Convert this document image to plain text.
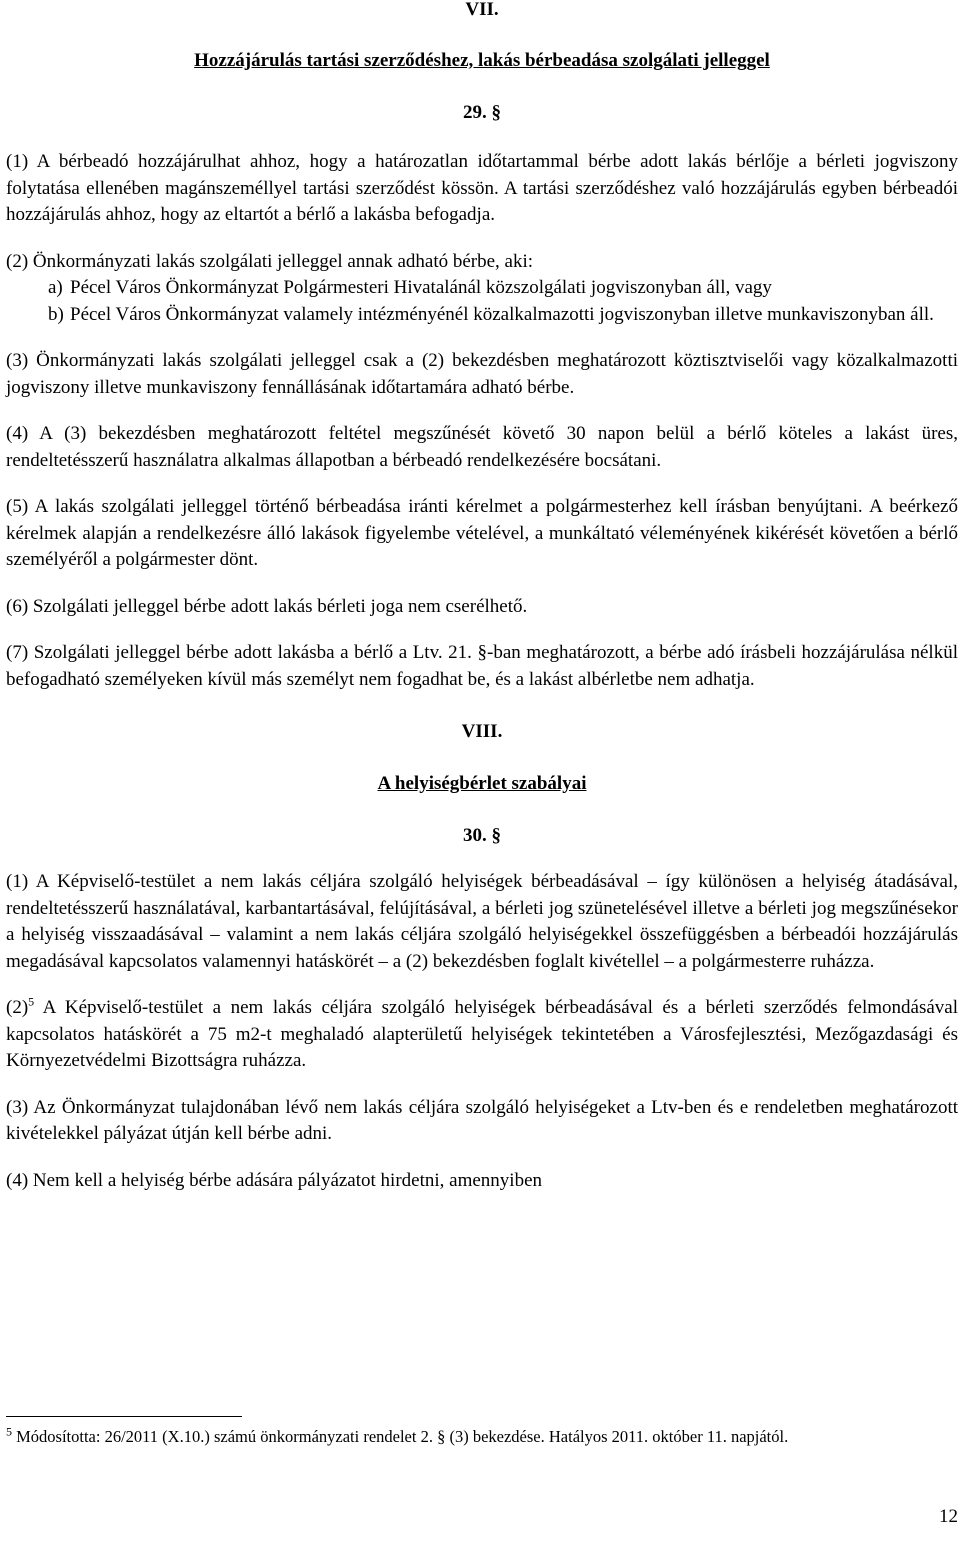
VII.
Hozzájárulás tartási szerződéshez, lakás bérbeadása szolgálati jelleggel
29. §

(1) A bérbeadó hozzájárulhat ahhoz, hogy a határozatlan időtartammal bérbe adott lakás bérlője a bérleti jogviszony folytatása ellenében magánszeméllyel tartási szerződést kössön. A tartási szerződéshez való hozzájárulás egyben bérbeadói hozzájárulás ahhoz, hogy az eltartót a bérlő a lakásba befogadja.

(2) Önkormányzati lakás szolgálati jelleggel annak adható bérbe, aki:

a) Pécel Város Önkormányzat Polgármesteri Hivatalánál közszolgálati jogviszonyban áll, vagy
b) Pécel Város Önkormányzat valamely intézményénél közalkalmazotti jogviszonyban illetve munkaviszonyban áll.

(3) Önkormányzati lakás szolgálati jelleggel csak a (2) bekezdésben meghatározott köztisztviselői vagy közalkalmazotti jogviszony illetve munkaviszony fennállásának időtartamára adható bérbe.

(4) A (3) bekezdésben meghatározott feltétel megszűnését követő 30 napon belül a bérlő köteles a lakást üres, rendeltetésszerű használatra alkalmas állapotban a bérbeadó rendelkezésére bocsátani.

(5) A lakás szolgálati jelleggel történő bérbeadása iránti kérelmet a polgármesterhez kell írásban benyújtani. A beérkező kérelmek alapján a rendelkezésre álló lakások figyelembe vételével, a munkáltató véleményének kikérését követően a bérlő személyéről a polgármester dönt.

(6) Szolgálati jelleggel bérbe adott lakás bérleti joga nem cserélhető.

(7) Szolgálati jelleggel bérbe adott lakásba a bérlő a Ltv. 21. §-ban meghatározott, a bérbe adó írásbeli hozzájárulása nélkül befogadható személyeken kívül más személyt nem fogadhat be, és a lakást albérletbe nem adhatja.

VIII.
A helyiségbérlet szabályai
30. §

(1) A Képviselő-testület a nem lakás céljára szolgáló helyiségek bérbeadásával – így különösen a helyiség átadásával, rendeltetésszerű használatával, karbantartásával, felújításával, a bérleti jog szünetelésével illetve a bérleti jog megszűnésekor a helyiség visszaadásával – valamint a nem lakás céljára szolgáló helyiségekkel összefüggésben a bérbeadói hozzájárulás megadásával kapcsolatos valamennyi hatáskörét – a (2) bekezdésben foglalt kivétellel – a polgármesterre ruházza.

$(2)^5$ A Képviselő-testület a nem lakás céljára szolgáló helyiségek bérbeadásával és a bérleti szerződés felmondásával kapcsolatos hatáskörét a 75 m2-t meghaladó alapterületű helyiségek tekintetében a Városfejlesztési, Mezőgazdasági és Környezetvédelmi Bizottságra ruházza.

(3) Az Önkormányzat tulajdonában lévő nem lakás céljára szolgáló helyiségeket a Ltv-ben és e rendeletben meghatározott kivételekkel pályázat útján kell bérbe adni.

(4) Nem kell a helyiség bérbe adására pályázatot hirdetni, amennyiben

$^5$ Módosította: 26/2011 (X.10.) számú önkormányzati rendelet 2. § (3) bekezdése. Hatályos 2011. október 11. napjától.
12
